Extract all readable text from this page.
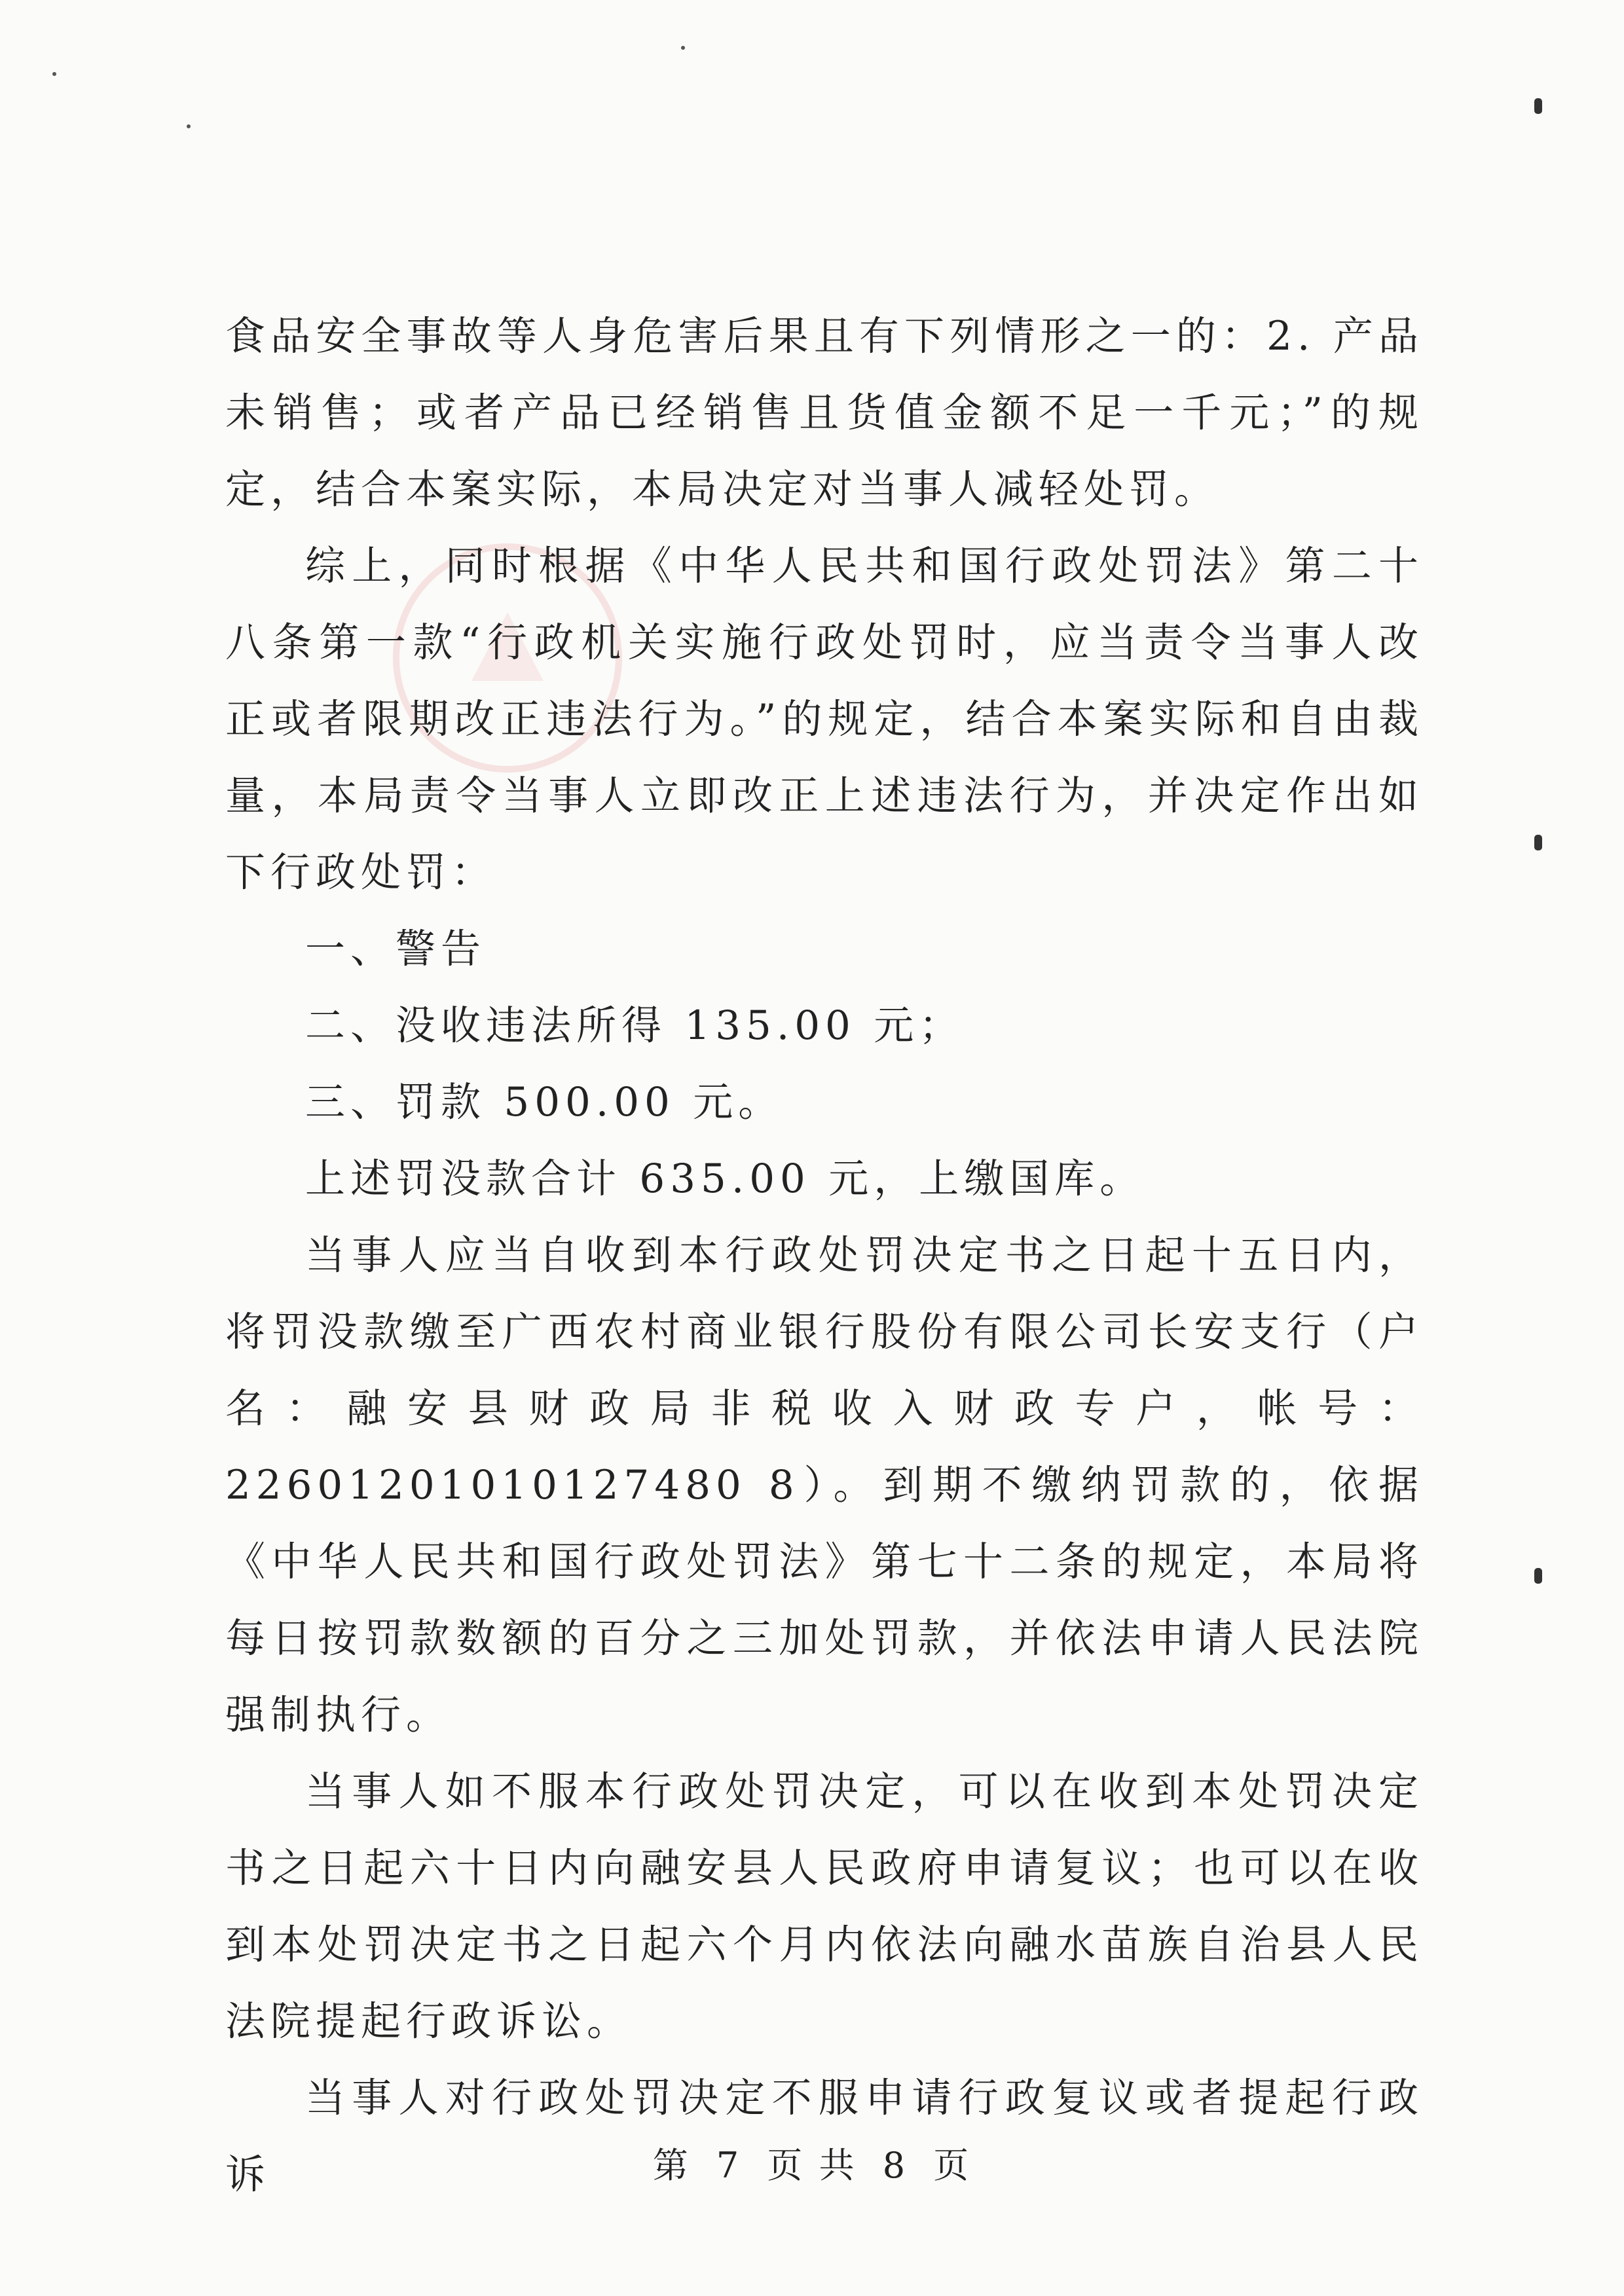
食品安全事故等人身危害后果且有下列情形之一的：2. 产品未销售；或者产品已经销售且货值金额不足一千元；”的规定，结合本案实际，本局决定对当事人减轻处罚。

综上，同时根据《中华人民共和国行政处罚法》第二十八条第一款“行政机关实施行政处罚时，应当责令当事人改正或者限期改正违法行为。”的规定，结合本案实际和自由裁量，本局责令当事人立即改正上述违法行为，并决定作出如下行政处罚：

一、警告

二、没收违法所得 135.00 元；

三、罚款 500.00 元。

上述罚没款合计 635.00 元，上缴国库。

当事人应当自收到本行政处罚决定书之日起十五日内，将罚没款缴至广西农村商业银行股份有限公司长安支行（户名：融安县财政局非税收入财政专户，帐号：22601201010127480 8）。到期不缴纳罚款的，依据《中华人民共和国行政处罚法》第七十二条的规定，本局将每日按罚款数额的百分之三加处罚款，并依法申请人民法院强制执行。

当事人如不服本行政处罚决定，可以在收到本处罚决定书之日起六十日内向融安县人民政府申请复议；也可以在收到本处罚决定书之日起六个月内依法向融水苗族自治县人民法院提起行政诉讼。

当事人对行政处罚决定不服申请行政复议或者提起行政诉	第 7 页 共 8 页
